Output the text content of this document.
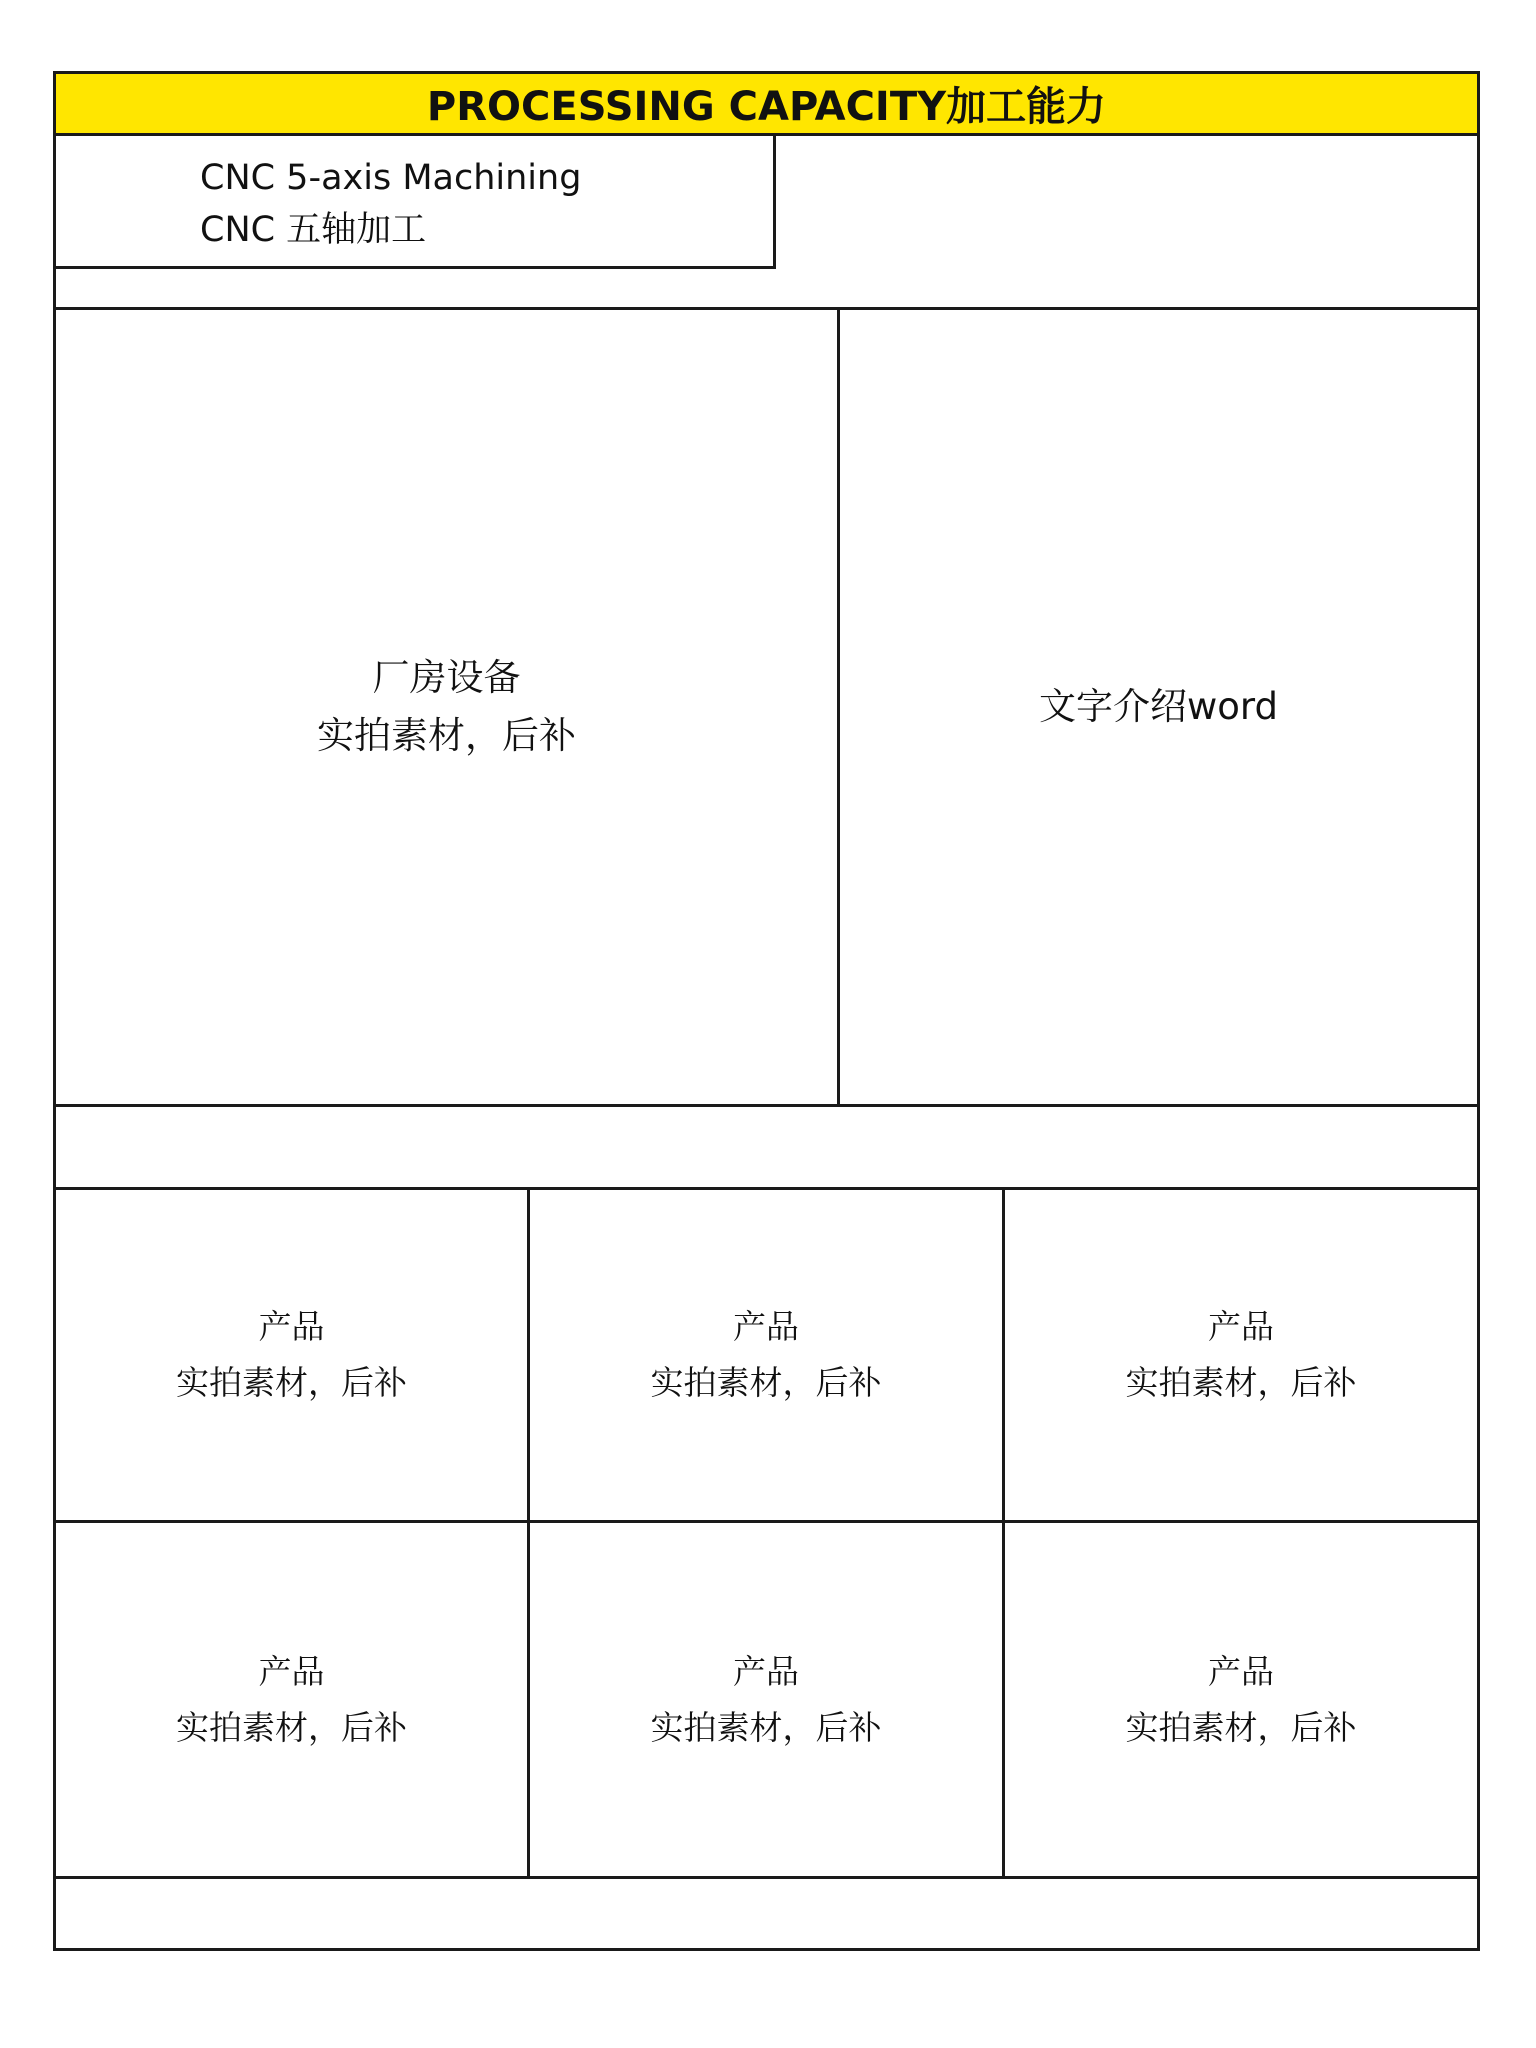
PROCESSING CAPACITY加工能力
CNC 5-axis Machining
CNC 五轴加工
厂房设备
实拍素材，后补
文字介绍word
产品
实拍素材，后补
产品
实拍素材，后补
产品
实拍素材，后补
产品
实拍素材，后补
产品
实拍素材，后补
产品
实拍素材，后补
